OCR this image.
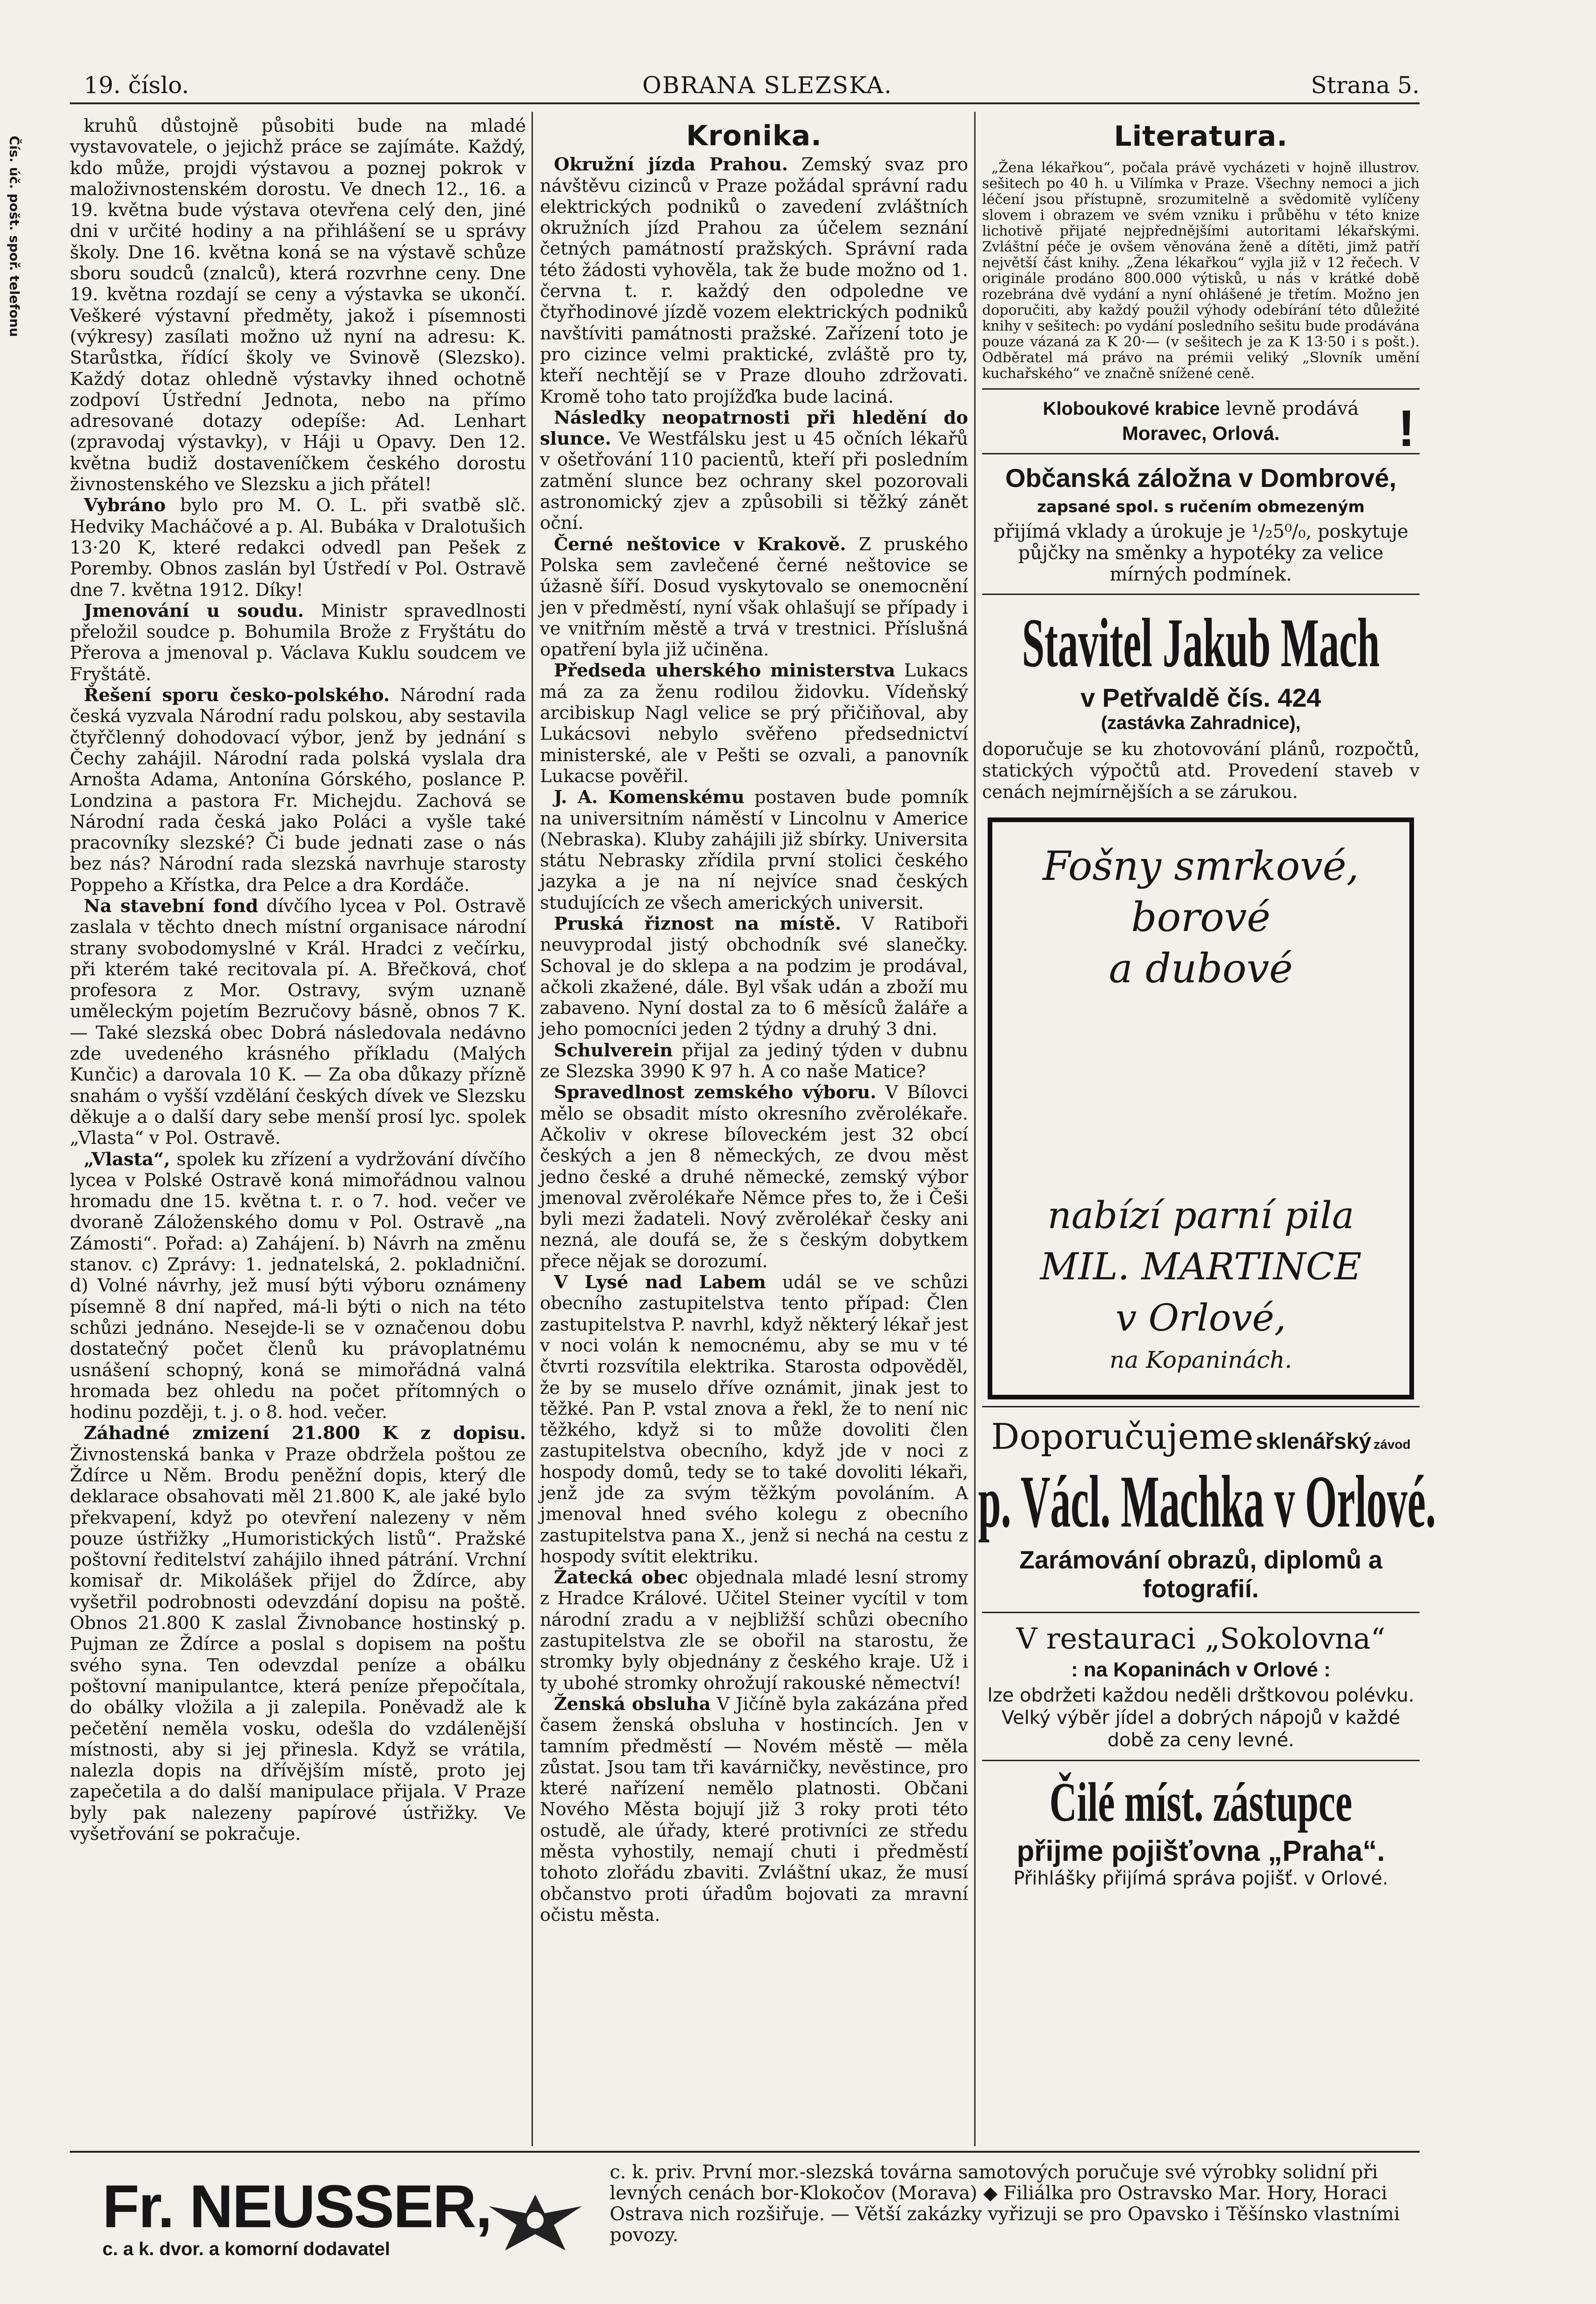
19. číslo.	OBRANA SLEZSKA.	Strana 5.
Čís. úč. pošt. spoř. telefonu

kruhů důstojně působiti bude na mladé vystavovatele, o jejichž práce se zajímáte. Každý, kdo může, projdi výstavou a poznej pokrok v maloživnostenském dorostu. Ve dnech 12., 16. a 19. května bude výstava otevřena celý den, jiné dni v určité hodiny a na přihlášení se u správy školy. Dne 16. května koná se na výstavě schůze sboru soudců (znalců), která rozvrhne ceny. Dne 19. května rozdají se ceny a výstavka se ukončí. Veškeré výstavní předměty, jakož i písemnosti (výkresy) zasílati možno už nyní na adresu: K. Starůstka, řídící školy ve Svinově (Slezsko). Každý dotaz ohledně výstavky ihned ochotně zodpoví Ústřední Jednota, nebo na přímo adresované dotazy odepíše: Ad. Lenhart (zpravodaj výstavky), v Háji u Opavy. Den 12. května budiž dostaveníčkem českého dorostu živnostenského ve Slezsku a jich přátel!

Vybráno bylo pro M. O. L. při svatbě slč. Hedviky Macháčové a p. Al. Bubáka v Dralotušich 13·20 K, které redakci odvedl pan Pešek z Poremby. Obnos zaslán byl Ústředí v Pol. Ostravě dne 7. května 1912. Díky!

Jmenování u soudu. Ministr spravedlnosti přeložil soudce p. Bohumila Brože z Fryštátu do Přerova a jmenoval p. Václava Kuklu soudcem ve Fryštátě.

Řešení sporu česko-polského. Národní rada česká vyzvala Národní radu polskou, aby sestavila čtyřčlenný dohodovací výbor, jenž by jednání s Čechy zahájil. Národní rada polská vyslala dra Arnošta Adama, Antonína Górského, poslance P. Londzina a pastora Fr. Michejdu. Zachová se Národní rada česká jako Poláci a vyšle také pracovníky slezské? Či bude jednati zase o nás bez nás? Národní rada slezská navrhuje starosty Poppeho a Křístka, dra Pelce a dra Kordáče.

Na stavební fond dívčího lycea v Pol. Ostravě zaslala v těchto dnech místní organisace národní strany svobodomyslné v Král. Hradci z večírku, při kterém také recitovala pí. A. Břečková, choť profesora z Mor. Ostravy, svým uznaně uměleckým pojetím Bezručovy básně, obnos 7 K. — Také slezská obec Dobrá následovala nedávno zde uvedeného krásného příkladu (Malých Kunčic) a darovala 10 K. — Za oba důkazy přízně snahám o vyšší vzdělání českých dívek ve Slezsku děkuje a o další dary sebe menší prosí lyc. spolek „Vlasta“ v Pol. Ostravě.

„Vlasta“, spolek ku zřízení a vydržování dívčího lycea v Polské Ostravě koná mimořádnou valnou hromadu dne 15. května t. r. o 7. hod. večer ve dvoraně Záloženského domu v Pol. Ostravě „na Zámosti“. Pořad: a) Zahájení. b) Návrh na změnu stanov. c) Zprávy: 1. jednatelská, 2. pokladniční. d) Volné návrhy, jež musí býti výboru oznámeny písemně 8 dní napřed, má-li býti o nich na této schůzi jednáno. Nesejde-li se v označenou dobu dostatečný počet členů ku právoplatnému usnášení schopný, koná se mimořádná valná hromada bez ohledu na počet přítomných o hodinu později, t. j. o 8. hod. večer.

Záhadné zmizení 21.800 K z dopisu. Živnostenská banka v Praze obdržela poštou ze Ždírce u Něm. Brodu peněžní dopis, který dle deklarace obsahovati měl 21.800 K, ale jaké bylo překvapení, když po otevření nalezeny v něm pouze ústřižky „Humoristických listů“. Pražské poštovní ředitelství zahájilo ihned pátrání. Vrchní komisař dr. Mikolášek přijel do Ždírce, aby vyšetřil podrobnosti odevzdání dopisu na poště. Obnos 21.800 K zaslal Živnobance hostinský p. Pujman ze Ždírce a poslal s dopisem na poštu svého syna. Ten odevzdal peníze a obálku poštovní manipulantce, která peníze přepočítala, do obálky vložila a ji zalepila. Poněvadž ale k pečetění neměla vosku, odešla do vzdálenější místnosti, aby si jej přinesla. Když se vrátila, nalezla dopis na dřívějším místě, proto jej zapečetila a do další manipulace přijala. V Praze byly pak nalezeny papírové ústřižky. Ve vyšetřování se pokračuje.

Kronika.

Okružní jízda Prahou. Zemský svaz pro návštěvu cizinců v Praze požádal správní radu elektrických podniků o zavedení zvláštních okružních jízd Prahou za účelem seznání četných památností pražských. Správní rada této žádosti vyhověla, tak že bude možno od 1. června t. r. každý den odpoledne ve čtyřhodinové jízdě vozem elektrických podniků navštíviti památnosti pražské. Zařízení toto je pro cizince velmi praktické, zvláště pro ty, kteří nechtějí se v Praze dlouho zdržovati. Kromě toho tato projížďka bude laciná.

Následky neopatrnosti při hledění do slunce. Ve Westfálsku jest u 45 očních lékařů v ošetřování 110 pacientů, kteří při posledním zatmění slunce bez ochrany skel pozorovali astronomický zjev a způsobili si těžký zánět oční.

Černé neštovice v Krakově. Z pruského Polska sem zavlečené černé neštovice se úžasně šíří. Dosud vyskytovalo se onemocnění jen v předměstí, nyní však ohlašují se případy i ve vnitřním městě a trvá v trestnici. Příslušná opatření byla již učiněna.

Předseda uherského ministerstva Lukacs má za za ženu rodilou židovku. Vídeňský arcibiskup Nagl velice se prý přičiňoval, aby Lukácsovi nebylo svěřeno předsednictví ministerské, ale v Pešti se ozvali, a panovník Lukacse pověřil.

J. A. Komenskému postaven bude pomník na universitním náměstí v Lincolnu v Americe (Nebraska). Kluby zahájili již sbírky. Universita státu Nebrasky zřídila první stolici českého jazyka a je na ní nejvíce snad českých studujících ze všech amerických universit.

Pruská řiznost na místě. V Ratiboři neuvyprodal jistý obchodník své slanečky. Schoval je do sklepa a na podzim je prodával, ačkoli zkažené, dále. Byl však udán a zboží mu zabaveno. Nyní dostal za to 6 měsíců žaláře a jeho pomocníci jeden 2 týdny a druhý 3 dni.

Schulverein přijal za jediný týden v dubnu ze Slezska 3990 K 97 h. A co naše Matice?

Spravedlnost zemského výboru. V Bílovci mělo se obsadit místo okresního zvěrolékaře. Ačkoliv v okrese bíloveckém jest 32 obcí českých a jen 8 německých, ze dvou měst jedno české a druhé německé, zemský výbor jmenoval zvěrolékaře Němce přes to, že i Češi byli mezi žadateli. Nový zvěrolékař česky ani nezná, ale doufá se, že s českým dobytkem přece nějak se dorozumí.

V Lysé nad Labem udál se ve schůzi obecního zastupitelstva tento případ: Člen zastupitelstva P. navrhl, když některý lékař jest v noci volán k nemocnému, aby se mu v té čtvrti rozsvítila elektrika. Starosta odpověděl, že by se muselo dříve oznámit, jinak jest to těžké. Pan P. vstal znova a řekl, že to není nic těžkého, když si to může dovoliti člen zastupitelstva obecního, když jde v noci z hospody domů, tedy se to také dovoliti lékaři, jenž jde za svým těžkým povoláním. A jmenoval hned svého kolegu z obecního zastupitelstva pana X., jenž si nechá na cestu z hospody svítit elektriku.

Žatecká obec objednala mladé lesní stromy z Hradce Králové. Učitel Steiner vycítil v tom národní zradu a v nejbližší schůzi obecního zastupitelstva zle se obořil na starostu, že stromky byly objednány z českého kraje. Už i ty ubohé stromky ohrožují rakouské němectví!

Ženská obsluha V Jičíně byla zakázána před časem ženská obsluha v hostincích. Jen v tamním předměstí — Novém městě — měla zůstat. Jsou tam tři kavárničky, nevěstince, pro které nařízení nemělo platnosti. Občani Nového Města bojují již 3 roky proti této ostudě, ale úřady, které protivníci ze středu města vyhostily, nemají chuti i předměstí tohoto zlořádu zbaviti. Zvláštní ukaz, že musí občanstvo proti úřadům bojovati za mravní očistu města.

Literatura.

„Žena lékařkou“, počala právě vycházeti v hojně illustrov. sešitech po 40 h. u Vilímka v Praze. Všechny nemoci a jich léčení jsou přístupně, srozumitelně a svědomitě vylíčeny slovem i obrazem ve svém vzniku i průběhu v této knize lichotivě přijaté nejpřednějšími autoritami lékařskými. Zvláštní péče je ovšem věnována ženě a dítěti, jimž patří největší část knihy. „Žena lékařkou“ vyjla již v 12 řečech. V originále prodáno 800.000 výtisků, u nás v krátké době rozebrána dvě vydání a nyní ohlášené je třetím. Možno jen doporučiti, aby každý použil výhody odebírání této důležité knihy v sešitech: po vydání posledního sešitu bude prodávána pouze vázaná za K 20·— (v sešitech je za K 13·50 i s pošt.). Odběratel má právo na prémii veliký „Slovník umění kuchařského“ ve značně snížené ceně.

Kloboukové krabice levně prodává
Moravec, Orlová.	!
Občanská záložna v Dombrové,
zapsané spol. s ručením obmezeným
přijímá vklady a úrokuje je ¹/₂5⁰/₀, poskytuje půjčky na směnky a hypotéky za velice mírných podmínek.
Stavitel Jakub Mach
v Petřvaldě čís. 424
(zastávka Zahradnice),
doporučuje se ku zhotovování plánů, rozpočtů, statických výpočtů atd. Provedení staveb v cenách nejmírnějších a se zárukou.
Fošny smrkové,
borové
a dubové
nabízí parní pila
MIL. MARTINCE
v Orlové,
na Kopaninách.
Doporučujeme sklenářský závod
p. Václ. Machka v Orlové.
Zarámování obrazů, diplomů a fotografií.
V restauraci „Sokolovna“
: na Kopaninách v Orlové :
lze obdržeti každou neděli drštkovou polévku. Velký výběr jídel a dobrých nápojů v každé době za ceny levné.
Čilé míst. zástupce
přijme pojišťovna „Praha“.
Přihlášky přijímá správa pojišť. v Orlové.
Fr. NEUSSER,
c. a k. dvor. a komorní dodavatel
c. k. priv. První mor.-slezská továrna samotových poručuje své výrobky solidní při levných cenách bor-Klokočov (Morava) ◆ Filiálka pro Ostravsko Mar. Hory, Horaci Ostrava nich rozšiřuje. — Větší zakázky vyřizuji se pro Opavsko i Těšínsko vlastními povozy.
